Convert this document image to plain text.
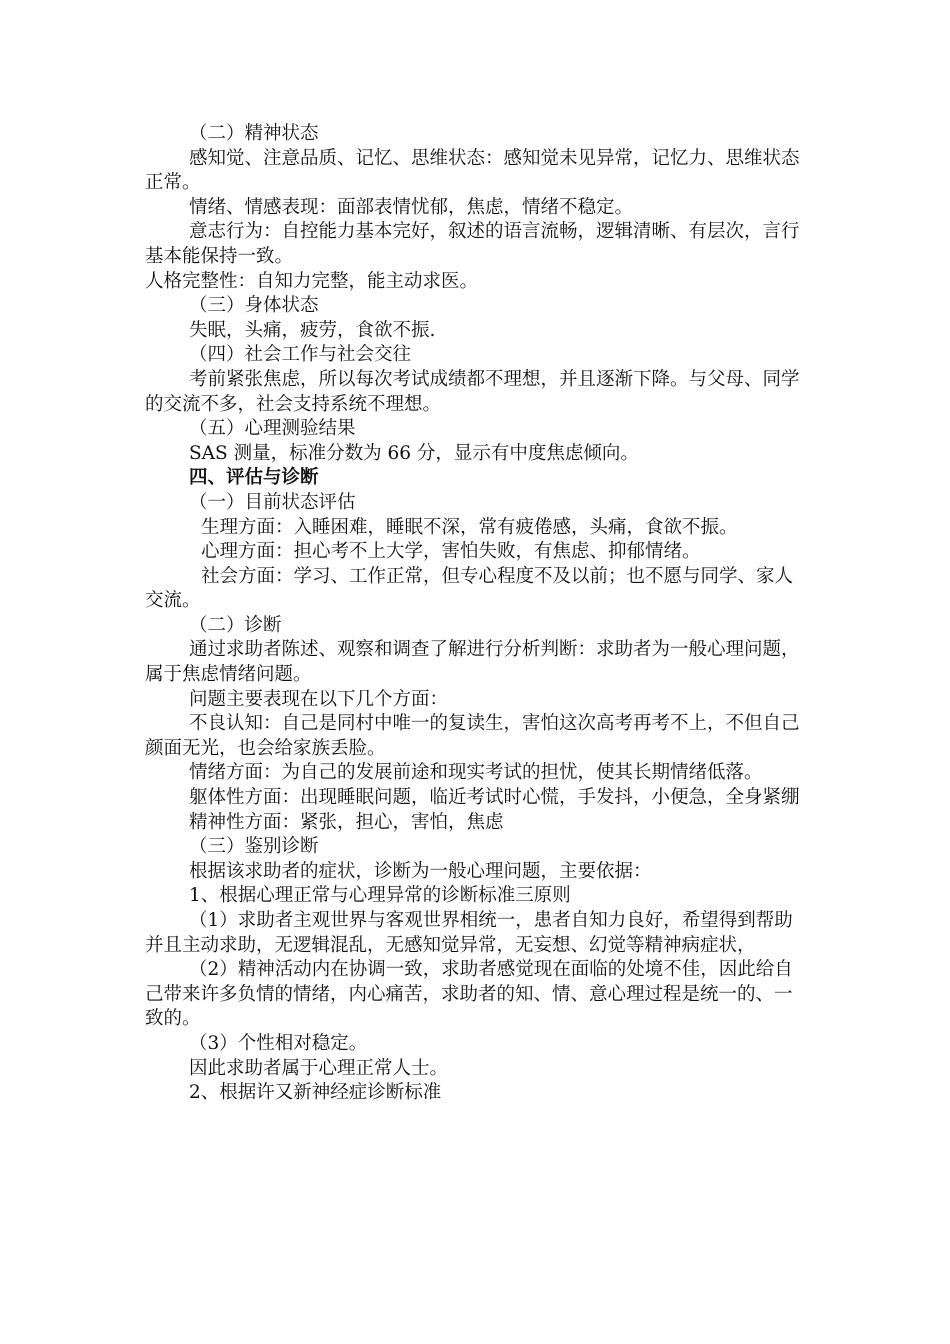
（二）精神状态

感知觉、注意品质、记忆、思维状态：感知觉未见异常，记忆力、思维状态正常。

情绪、情感表现：面部表情忧郁，焦虑，情绪不稳定。

意志行为：自控能力基本完好，叙述的语言流畅，逻辑清晰、有层次，言行基本能保持一致。

人格完整性：自知力完整，能主动求医。

（三）身体状态

失眠，头痛，疲劳，食欲不振.

（四）社会工作与社会交往

考前紧张焦虑，所以每次考试成绩都不理想，并且逐渐下降。与父母、同学的交流不多，社会支持系统不理想。

（五）心理测验结果

SAS 测量，标准分数为 66 分，显示有中度焦虑倾向。

四、评估与诊断

（一）目前状态评估

生理方面：入睡困难，睡眠不深，常有疲倦感，头痛，食欲不振。

心理方面：担心考不上大学，害怕失败，有焦虑、抑郁情绪。

社会方面：学习、工作正常，但专心程度不及以前；也不愿与同学、家人交流。

（二）诊断

通过求助者陈述、观察和调查了解进行分析判断：求助者为一般心理问题，属于焦虑情绪问题。

问题主要表现在以下几个方面：

不良认知：自己是同村中唯一的复读生，害怕这次高考再考不上，不但自己颜面无光，也会给家族丢脸。

情绪方面：为自己的发展前途和现实考试的担忧，使其长期情绪低落。

躯体性方面：出现睡眠问题，临近考试时心慌，手发抖，小便急，全身紧绷

精神性方面：紧张，担心，害怕，焦虑

（三）鉴别诊断

根据该求助者的症状，诊断为一般心理问题，主要依据：

1、根据心理正常与心理异常的诊断标准三原则

（1）求助者主观世界与客观世界相统一，患者自知力良好，希望得到帮助并且主动求助，无逻辑混乱，无感知觉异常，无妄想、幻觉等精神病症状，

（2）精神活动内在协调一致，求助者感觉现在面临的处境不佳，因此给自己带来许多负情的情绪，内心痛苦，求助者的知、情、意心理过程是统一的、一致的。

（3）个性相对稳定。

因此求助者属于心理正常人士。

2、根据许又新神经症诊断标准
